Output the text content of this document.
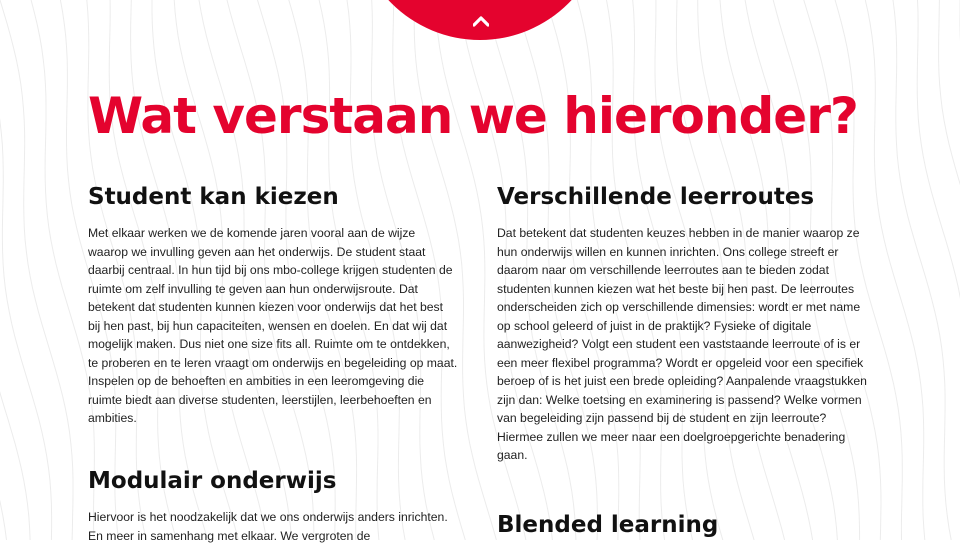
Wat verstaan we hieronder?
Student kan kiezen

Met elkaar werken we de komende jaren vooral aan de wijze waarop we invulling geven aan het onderwijs. De student staat daarbij centraal. In hun tijd bij ons mbo-college krijgen studenten de ruimte om zelf invulling te geven aan hun onderwijsroute. Dat betekent dat studenten kunnen kiezen voor onderwijs dat het best bij hen past, bij hun capaciteiten, wensen en doelen. En dat wij dat mogelijk maken. Dus niet one size fits all. Ruimte om te ontdekken, te proberen en te leren vraagt om onderwijs en begeleiding op maat. Inspelen op de behoeften en ambities in een leeromgeving die ruimte biedt aan diverse studenten, leerstijlen, leerbehoeften en ambities.

Modulair onderwijs

Hiervoor is het noodzakelijk dat we ons onderwijs anders inrichten. En meer in samenhang met elkaar. We vergroten de

Verschillende leerroutes

Dat betekent dat studenten keuzes hebben in de manier waarop ze hun onderwijs willen en kunnen inrichten. Ons college streeft er daarom naar om verschillende leerroutes aan te bieden zodat studenten kunnen kiezen wat het beste bij hen past. De leerroutes onderscheiden zich op verschillende dimensies: wordt er met name op school geleerd of juist in de praktijk? Fysieke of digitale aanwezigheid? Volgt een student een vaststaande leerroute of is er een meer flexibel programma? Wordt er opgeleid voor een specifiek beroep of is het juist een brede opleiding? Aanpalende vraagstukken zijn dan: Welke toetsing en examinering is passend? Welke vormen van begeleiding zijn passend bij de student en zijn leerroute? Hiermee zullen we meer naar een doelgroepgerichte benadering gaan.

Blended learning
